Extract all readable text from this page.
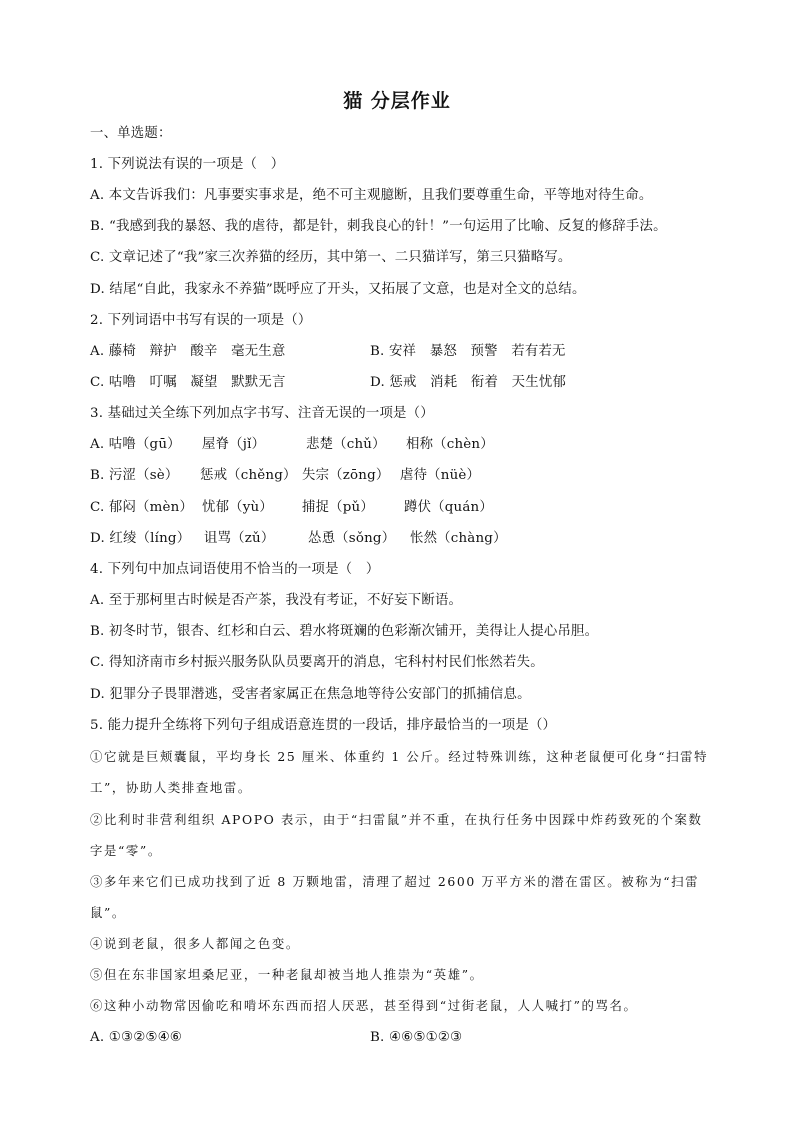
猫 分层作业
一、单选题：
1. 下列说法有误的一项是（　）
A. 本文告诉我们：凡事要实事求是，绝不可主观臆断，且我们要尊重生命，平等地对待生命。
B. “我感到我的暴怒、我的虐待，都是针，刺我良心的针！”一句运用了比喻、反复的修辞手法。
C. 文章记述了“我”家三次养猫的经历，其中第一、二只猫详写，第三只猫略写。
D. 结尾“自此，我家永不养猫”既呼应了开头，又拓展了文意，也是对全文的总结。
2. 下列词语中书写有误的一项是（）
A. 藤椅　辩护　酸辛　毫无生意	B. 安祥　暴怒　预警　若有若无
C. 咕噜　叮嘱　凝望　默默无言	D. 惩戒　消耗　衔着　天生忧郁
3. 基础过关全练下列加点字书写、注音无误的一项是（）
A. 咕噜（gū） 屋脊（jǐ）	悲楚（chǔ） 相称（chèn）
B. 污涩（sè） 惩戒（chěng） 失宗（zōng） 虐待（nüè）
C. 郁闷（mèn） 忧郁（yù） 捕捉（pǔ） 蹲伏（quán）
D. 红绫（líng） 诅骂（zǔ）	怂恿（sǒng） 怅然（chàng）
4. 下列句中加点词语使用不恰当的一项是（　）
A. 至于那柯里古时候是否产茶，我没有考证，不好妄下断语。
B. 初冬时节，银杏、红杉和白云、碧水将斑斓的色彩渐次铺开，美得让人提心吊胆。
C. 得知济南市乡村振兴服务队队员要离开的消息，宅科村村民们怅然若失。
D. 犯罪分子畏罪潜逃，受害者家属正在焦急地等待公安部门的抓捕信息。
5. 能力提升全练将下列句子组成语意连贯的一段话，排序最恰当的一项是（）
①它就是巨颊囊鼠，平均身长 25 厘米、体重约 1 公斤。经过特殊训练，这种老鼠便可化身“扫雷特
工”，协助人类排查地雷。
②比利时非营利组织 APOPO 表示，由于“扫雷鼠”并不重，在执行任务中因踩中炸药致死的个案数
字是“零”。
③多年来它们已成功找到了近 8 万颗地雷，清理了超过 2600 万平方米的潜在雷区。被称为“扫雷
鼠”。
④说到老鼠，很多人都闻之色变。
⑤但在东非国家坦桑尼亚，一种老鼠却被当地人推崇为“英雄”。
⑥这种小动物常因偷吃和啃坏东西而招人厌恶，甚至得到“过街老鼠，人人喊打”的骂名。
A. ①③②⑤④⑥	B. ④⑥⑤①②③
